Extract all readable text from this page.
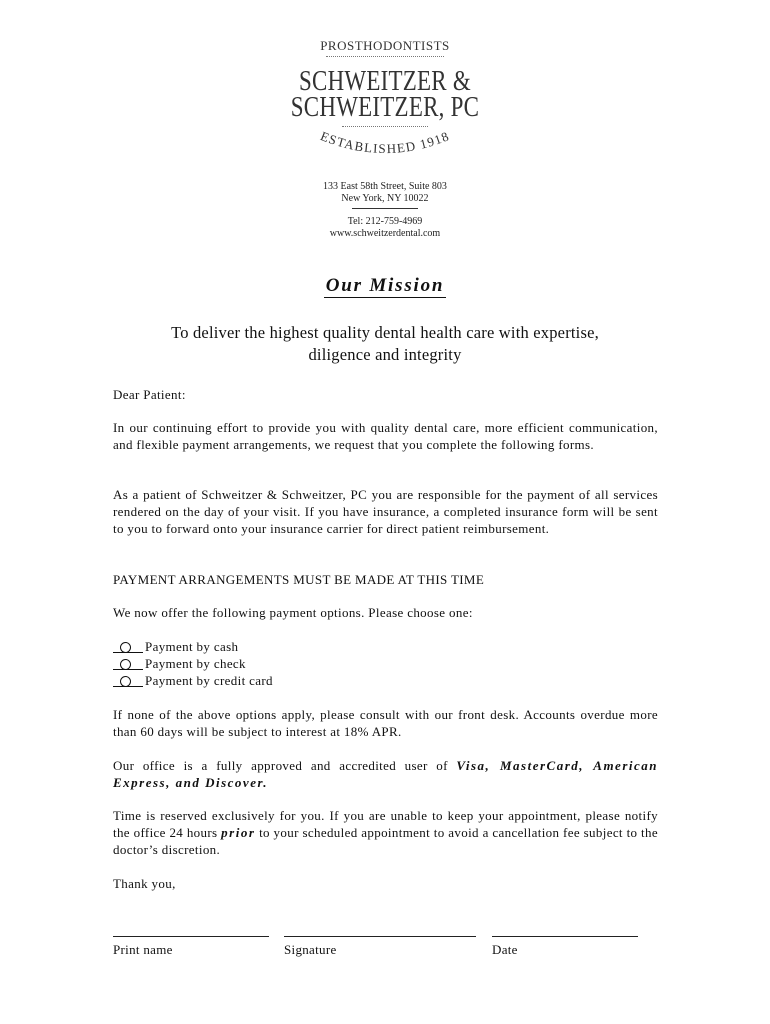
PROSTHODONTISTS
SCHWEITZER &
SCHWEITZER, PC
ESTABLISHED 1918
133 East 58th Street, Suite 803
New York, NY 10022
Tel: 212-759-4969
www.schweitzerdental.com
Our Mission
To deliver the highest quality dental health care with expertise,
diligence and integrity
Dear Patient:
In our continuing effort to provide you with quality dental care, more efficient communication, and flexible payment arrangements, we request that you complete the following forms.
As a patient of Schweitzer & Schweitzer, PC you are responsible for the payment of all services rendered on the day of your visit. If you have insurance, a completed insurance form will be sent to you to forward onto your insurance carrier for direct patient reimbursement.
PAYMENT ARRANGEMENTS MUST BE MADE AT THIS TIME
We now offer the following payment options. Please choose one:
Payment by cash
Payment by check
Payment by credit card
If none of the above options apply, please consult with our front desk. Accounts overdue more than 60 days will be subject to interest at 18% APR.
Our office is a fully approved and accredited user of Visa, MasterCard, American Express, and Discover.
Time is reserved exclusively for you. If you are unable to keep your appointment, please notify the office 24 hours prior to your scheduled appointment to avoid a cancellation fee subject to the doctor’s discretion.
Thank you,
Print name	Signature	Date
